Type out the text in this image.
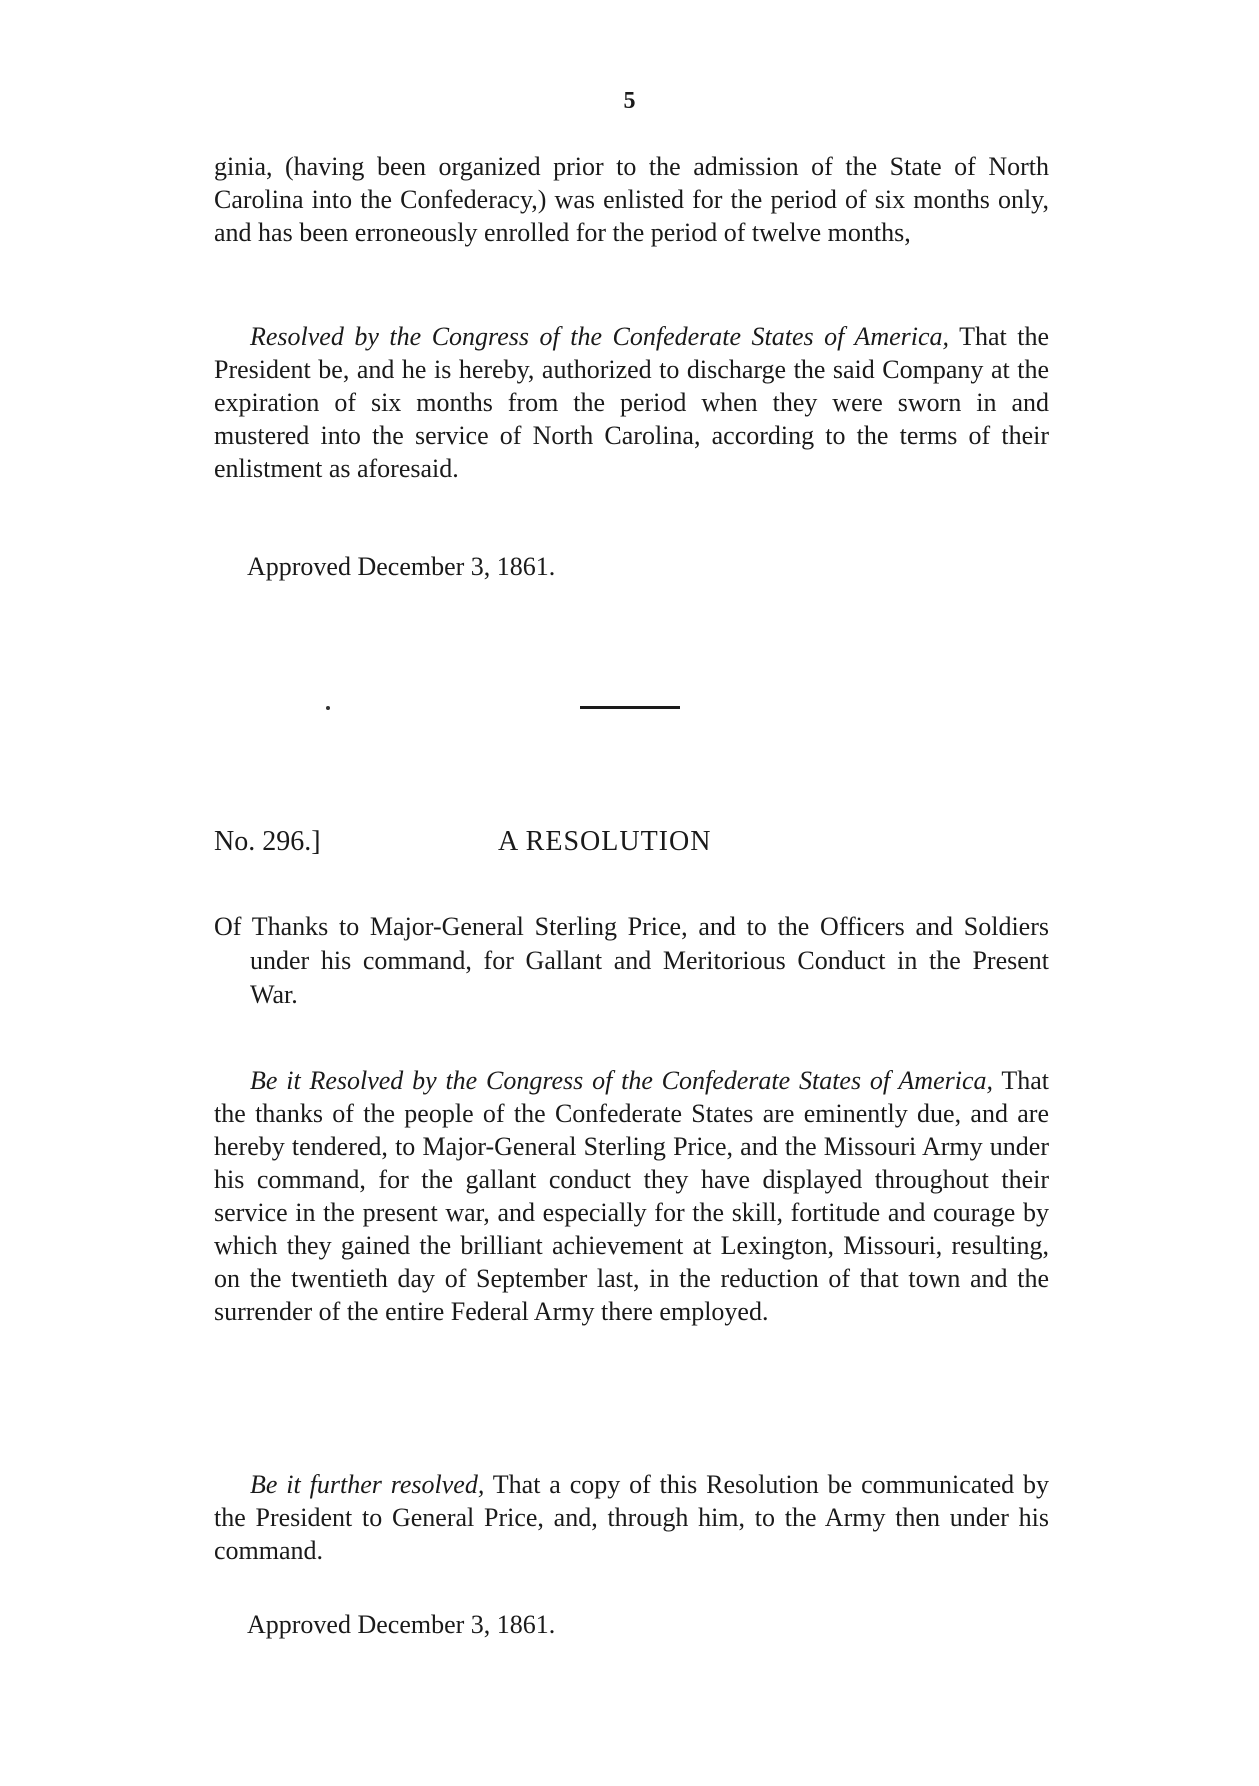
5

ginia, (having been organized prior to the admission of the State of North Carolina into the Confederacy,) was enlisted for the period of six months only, and has been erroneously enrolled for the period of twelve months,

Resolved by the Congress of the Confederate States of America, That the President be, and he is hereby, authorized to discharge the said Company at the expiration of six months from the period when they were sworn in and mustered into the service of North Carolina, according to the terms of their enlistment as aforesaid.

Approved December 3, 1861.
No. 296.]	A RESOLUTION

Of Thanks to Major-General Sterling Price, and to the Officers and Soldiers under his command, for Gallant and Meritorious Conduct in the Present War.

Be it Resolved by the Congress of the Confederate States of America, That the thanks of the people of the Confederate States are eminently due, and are hereby tendered, to Major-General Sterling Price, and the Missouri Army under his command, for the gallant conduct they have displayed throughout their service in the present war, and especially for the skill, fortitude and courage by which they gained the brilliant achievement at Lexington, Missouri, resulting, on the twentieth day of September last, in the reduction of that town and the surrender of the entire Federal Army there employed.

Be it further resolved, That a copy of this Resolution be communicated by the President to General Price, and, through him, to the Army then under his command.

Approved December 3, 1861.
